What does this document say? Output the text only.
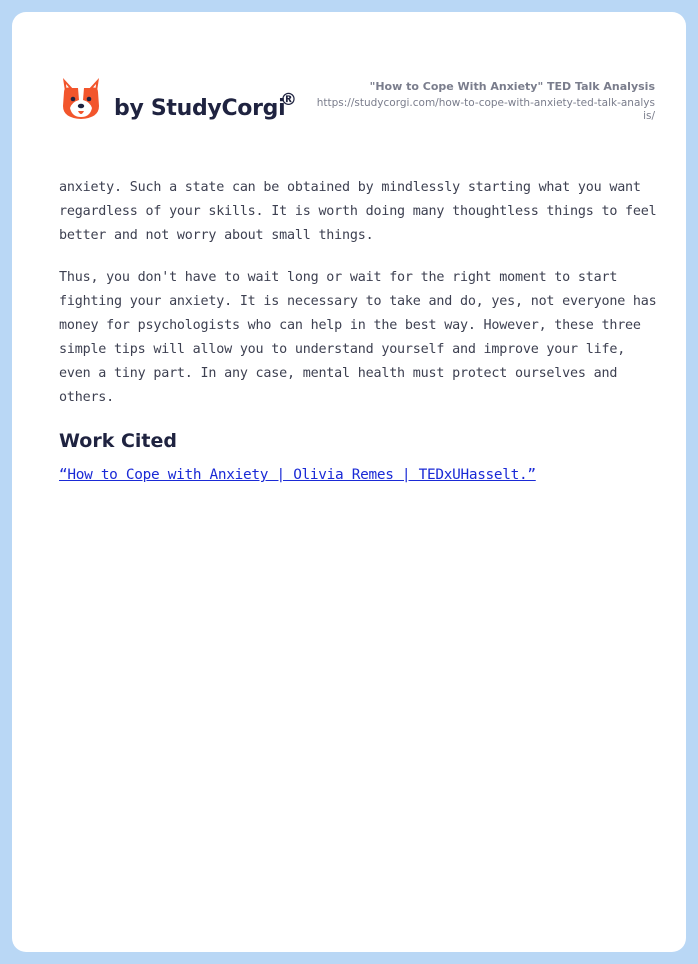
by StudyCorgi
®
"How to Cope With Anxiety" TED Talk Analysis
https://studycorgi.com/how-to-cope-with-anxiety-ted-talk-analysis/

anxiety. Such a state can be obtained by mindlessly starting what you want regardless of your skills. It is worth doing many thoughtless things to feel better and not worry about small things.

Thus, you don't have to wait long or wait for the right moment to start fighting your anxiety. It is necessary to take and do, yes, not everyone has money for psychologists who can help in the best way. However, these three simple tips will allow you to understand yourself and improve your life, even a tiny part. In any case, mental health must protect ourselves and others.

Work Cited
“How to Cope with Anxiety | Olivia Remes | TEDxUHasselt.”
